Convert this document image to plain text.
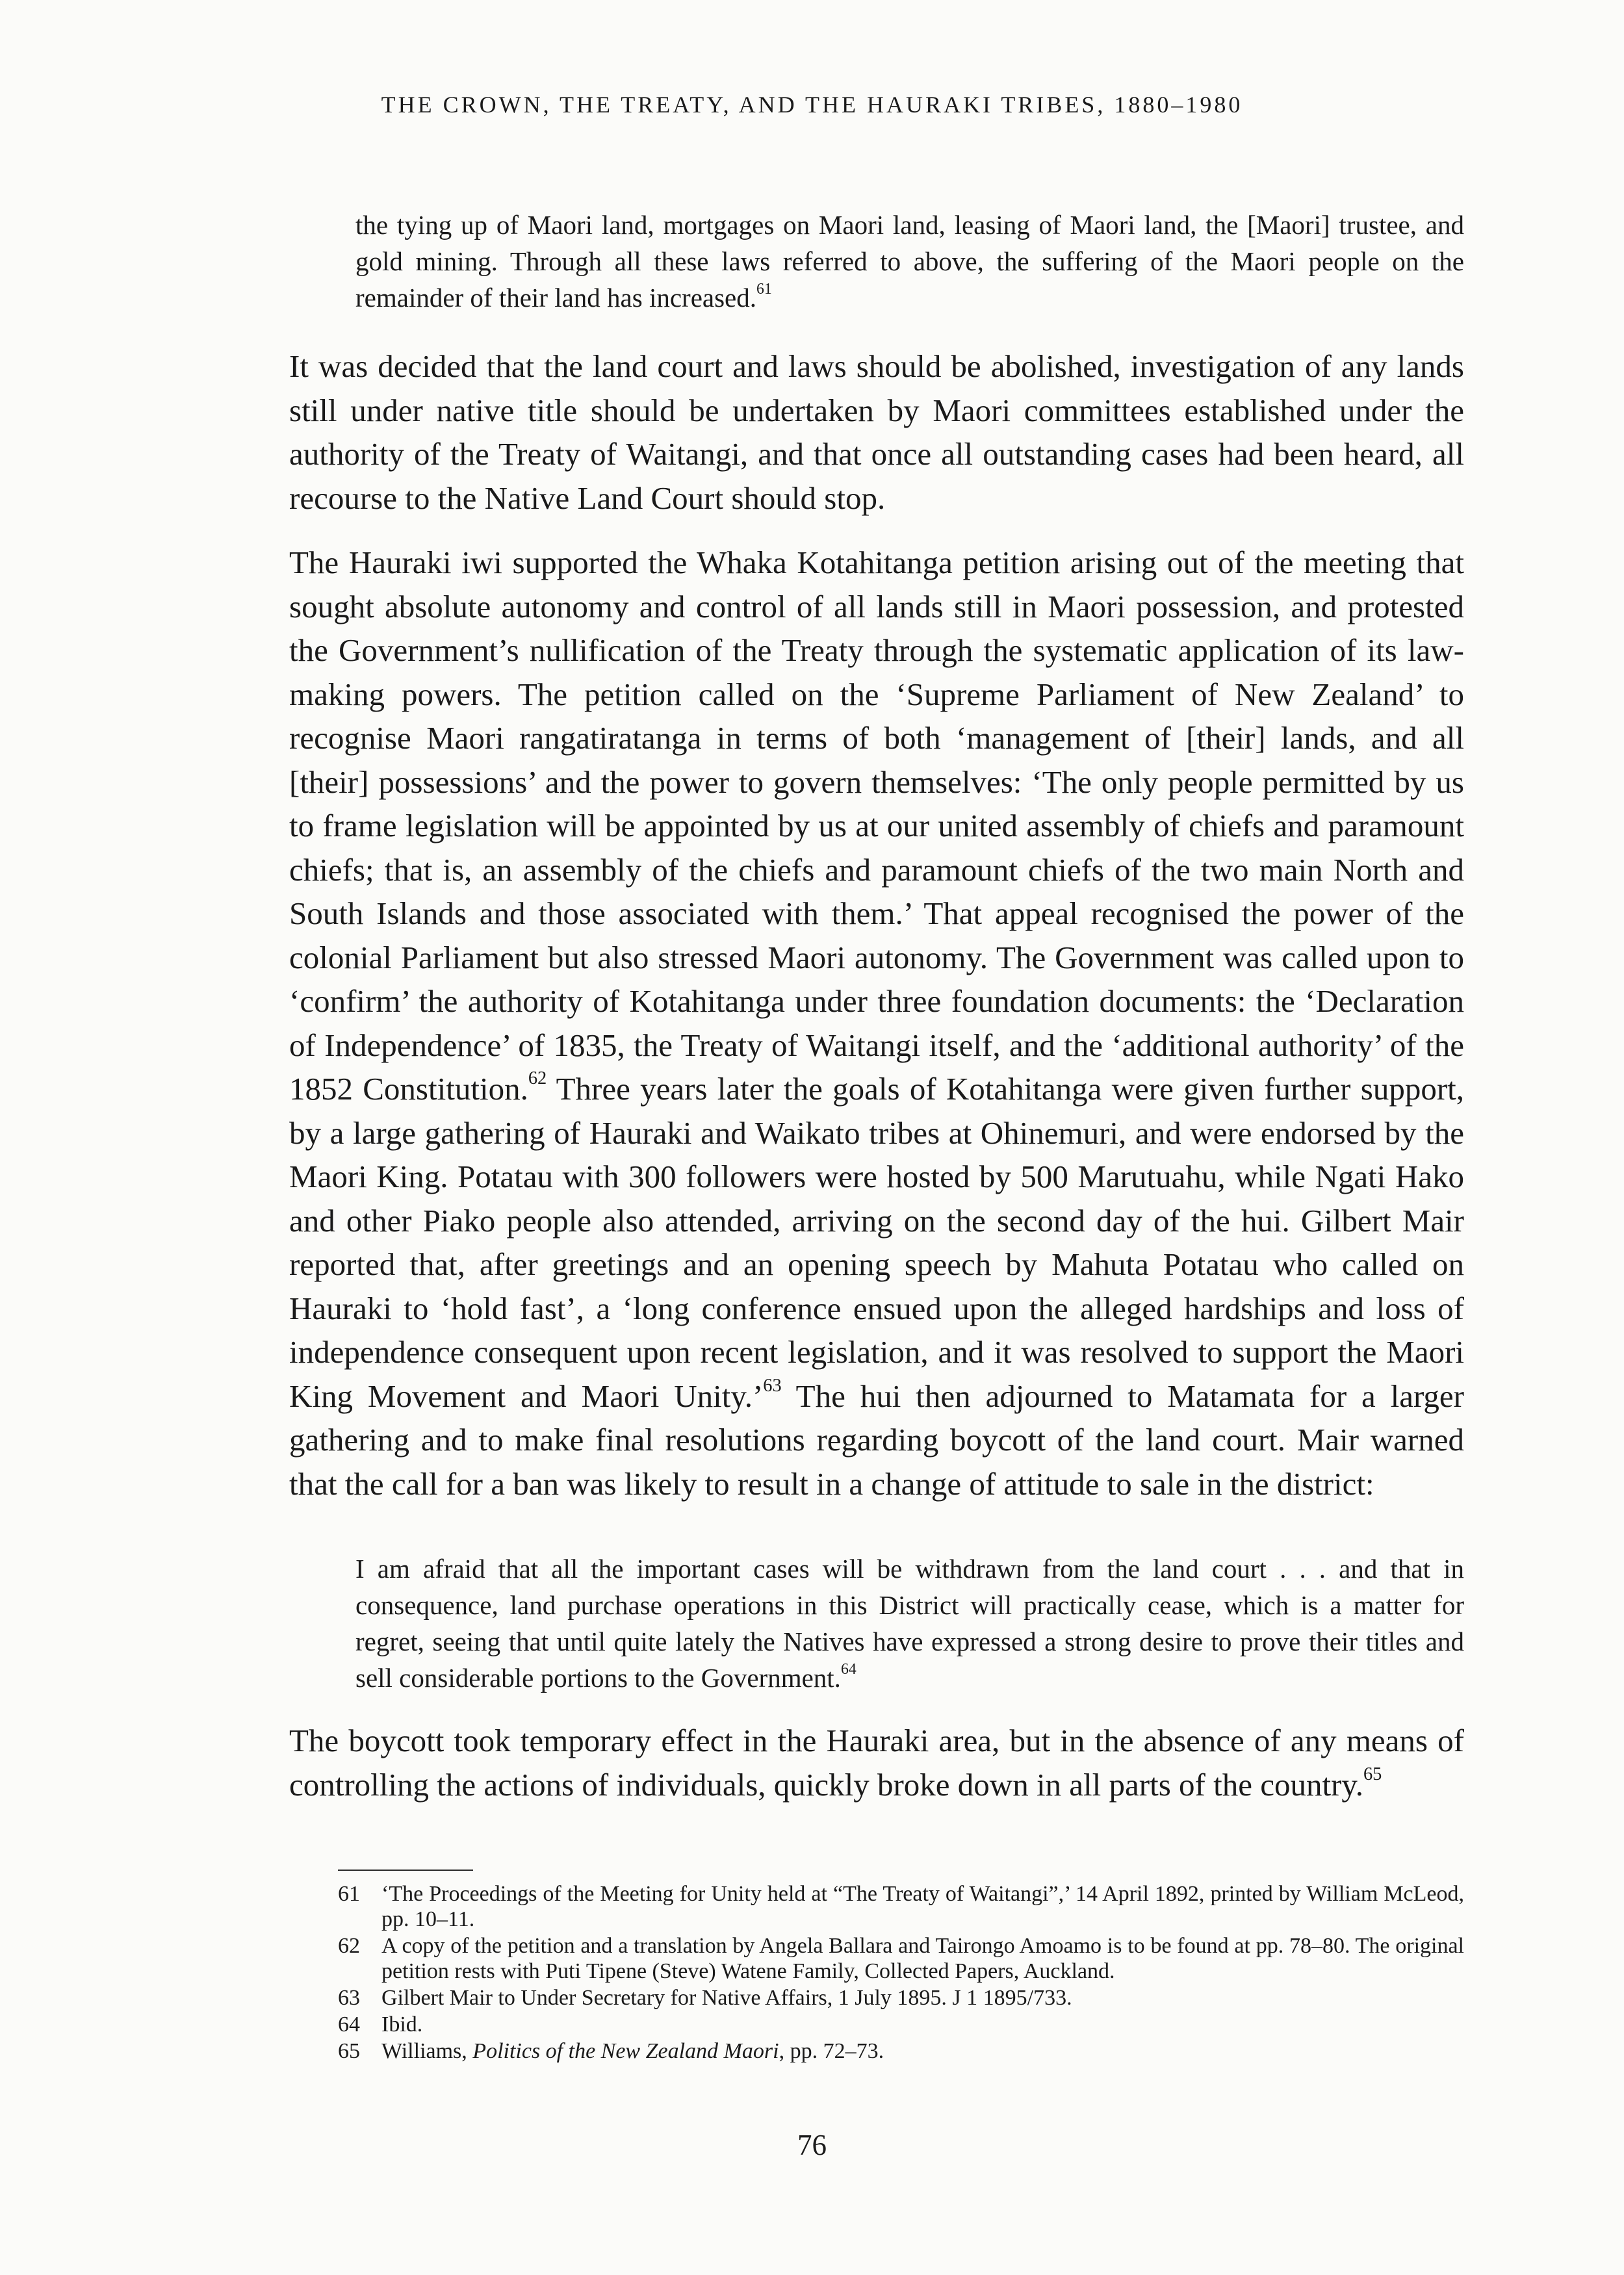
THE CROWN, THE TREATY, AND THE HAURAKI TRIBES, 1880–1980

the tying up of Maori land, mortgages on Maori land, leasing of Maori land, the [Maori] trustee, and gold mining. Through all these laws referred to above, the suffering of the Maori people on the remainder of their land has increased.$^{61}$

It was decided that the land court and laws should be abolished, investigation of any lands still under native title should be undertaken by Maori committees established under the authority of the Treaty of Waitangi, and that once all outstanding cases had been heard, all recourse to the Native Land Court should stop.

The Hauraki iwi supported the Whaka Kotahitanga petition arising out of the meeting that sought absolute autonomy and control of all lands still in Maori possession, and protested the Government’s nullification of the Treaty through the systematic application of its law-making powers. The petition called on the ‘Supreme Parliament of New Zealand’ to recognise Maori rangatiratanga in terms of both ‘management of [their] lands, and all [their] possessions’ and the power to govern themselves: ‘The only people permitted by us to frame legislation will be appointed by us at our united assembly of chiefs and paramount chiefs; that is, an assembly of the chiefs and paramount chiefs of the two main North and South Islands and those associated with them.’ That appeal recognised the power of the colonial Parliament but also stressed Maori autonomy. The Government was called upon to ‘confirm’ the authority of Kotahitanga under three foundation documents: the ‘Declaration of Independence’ of 1835, the Treaty of Waitangi itself, and the ‘additional authority’ of the 1852 Constitution.$^{62}$ Three years later the goals of Kotahitanga were given further support, by a large gathering of Hauraki and Waikato tribes at Ohinemuri, and were endorsed by the Maori King. Potatau with 300 followers were hosted by 500 Marutuahu, while Ngati Hako and other Piako people also attended, arriving on the second day of the hui. Gilbert Mair reported that, after greetings and an opening speech by Mahuta Potatau who called on Hauraki to ‘hold fast’, a ‘long conference ensued upon the alleged hardships and loss of independence consequent upon recent legislation, and it was resolved to support the Maori King Movement and Maori Unity.’$^{63}$ The hui then adjourned to Matamata for a larger gathering and to make final resolutions regarding boycott of the land court. Mair warned that the call for a ban was likely to result in a change of attitude to sale in the district:

I am afraid that all the important cases will be withdrawn from the land court . . . and that in consequence, land purchase operations in this District will practically cease, which is a matter for regret, seeing that until quite lately the Natives have expressed a strong desire to prove their titles and sell considerable portions to the Government.$^{64}$

The boycott took temporary effect in the Hauraki area, but in the absence of any means of controlling the actions of individuals, quickly broke down in all parts of the country.$^{65}$

61 ‘The Proceedings of the Meeting for Unity held at “The Treaty of Waitangi”,’ 14 April 1892, printed by William McLeod, pp. 10–11.
62 A copy of the petition and a translation by Angela Ballara and Tairongo Amoamo is to be found at pp. 78–80. The original petition rests with Puti Tipene (Steve) Watene Family, Collected Papers, Auckland.
63 Gilbert Mair to Under Secretary for Native Affairs, 1 July 1895. J 1 1895/733.
64 Ibid.
65 Williams, Politics of the New Zealand Maori, pp. 72–73.
76
